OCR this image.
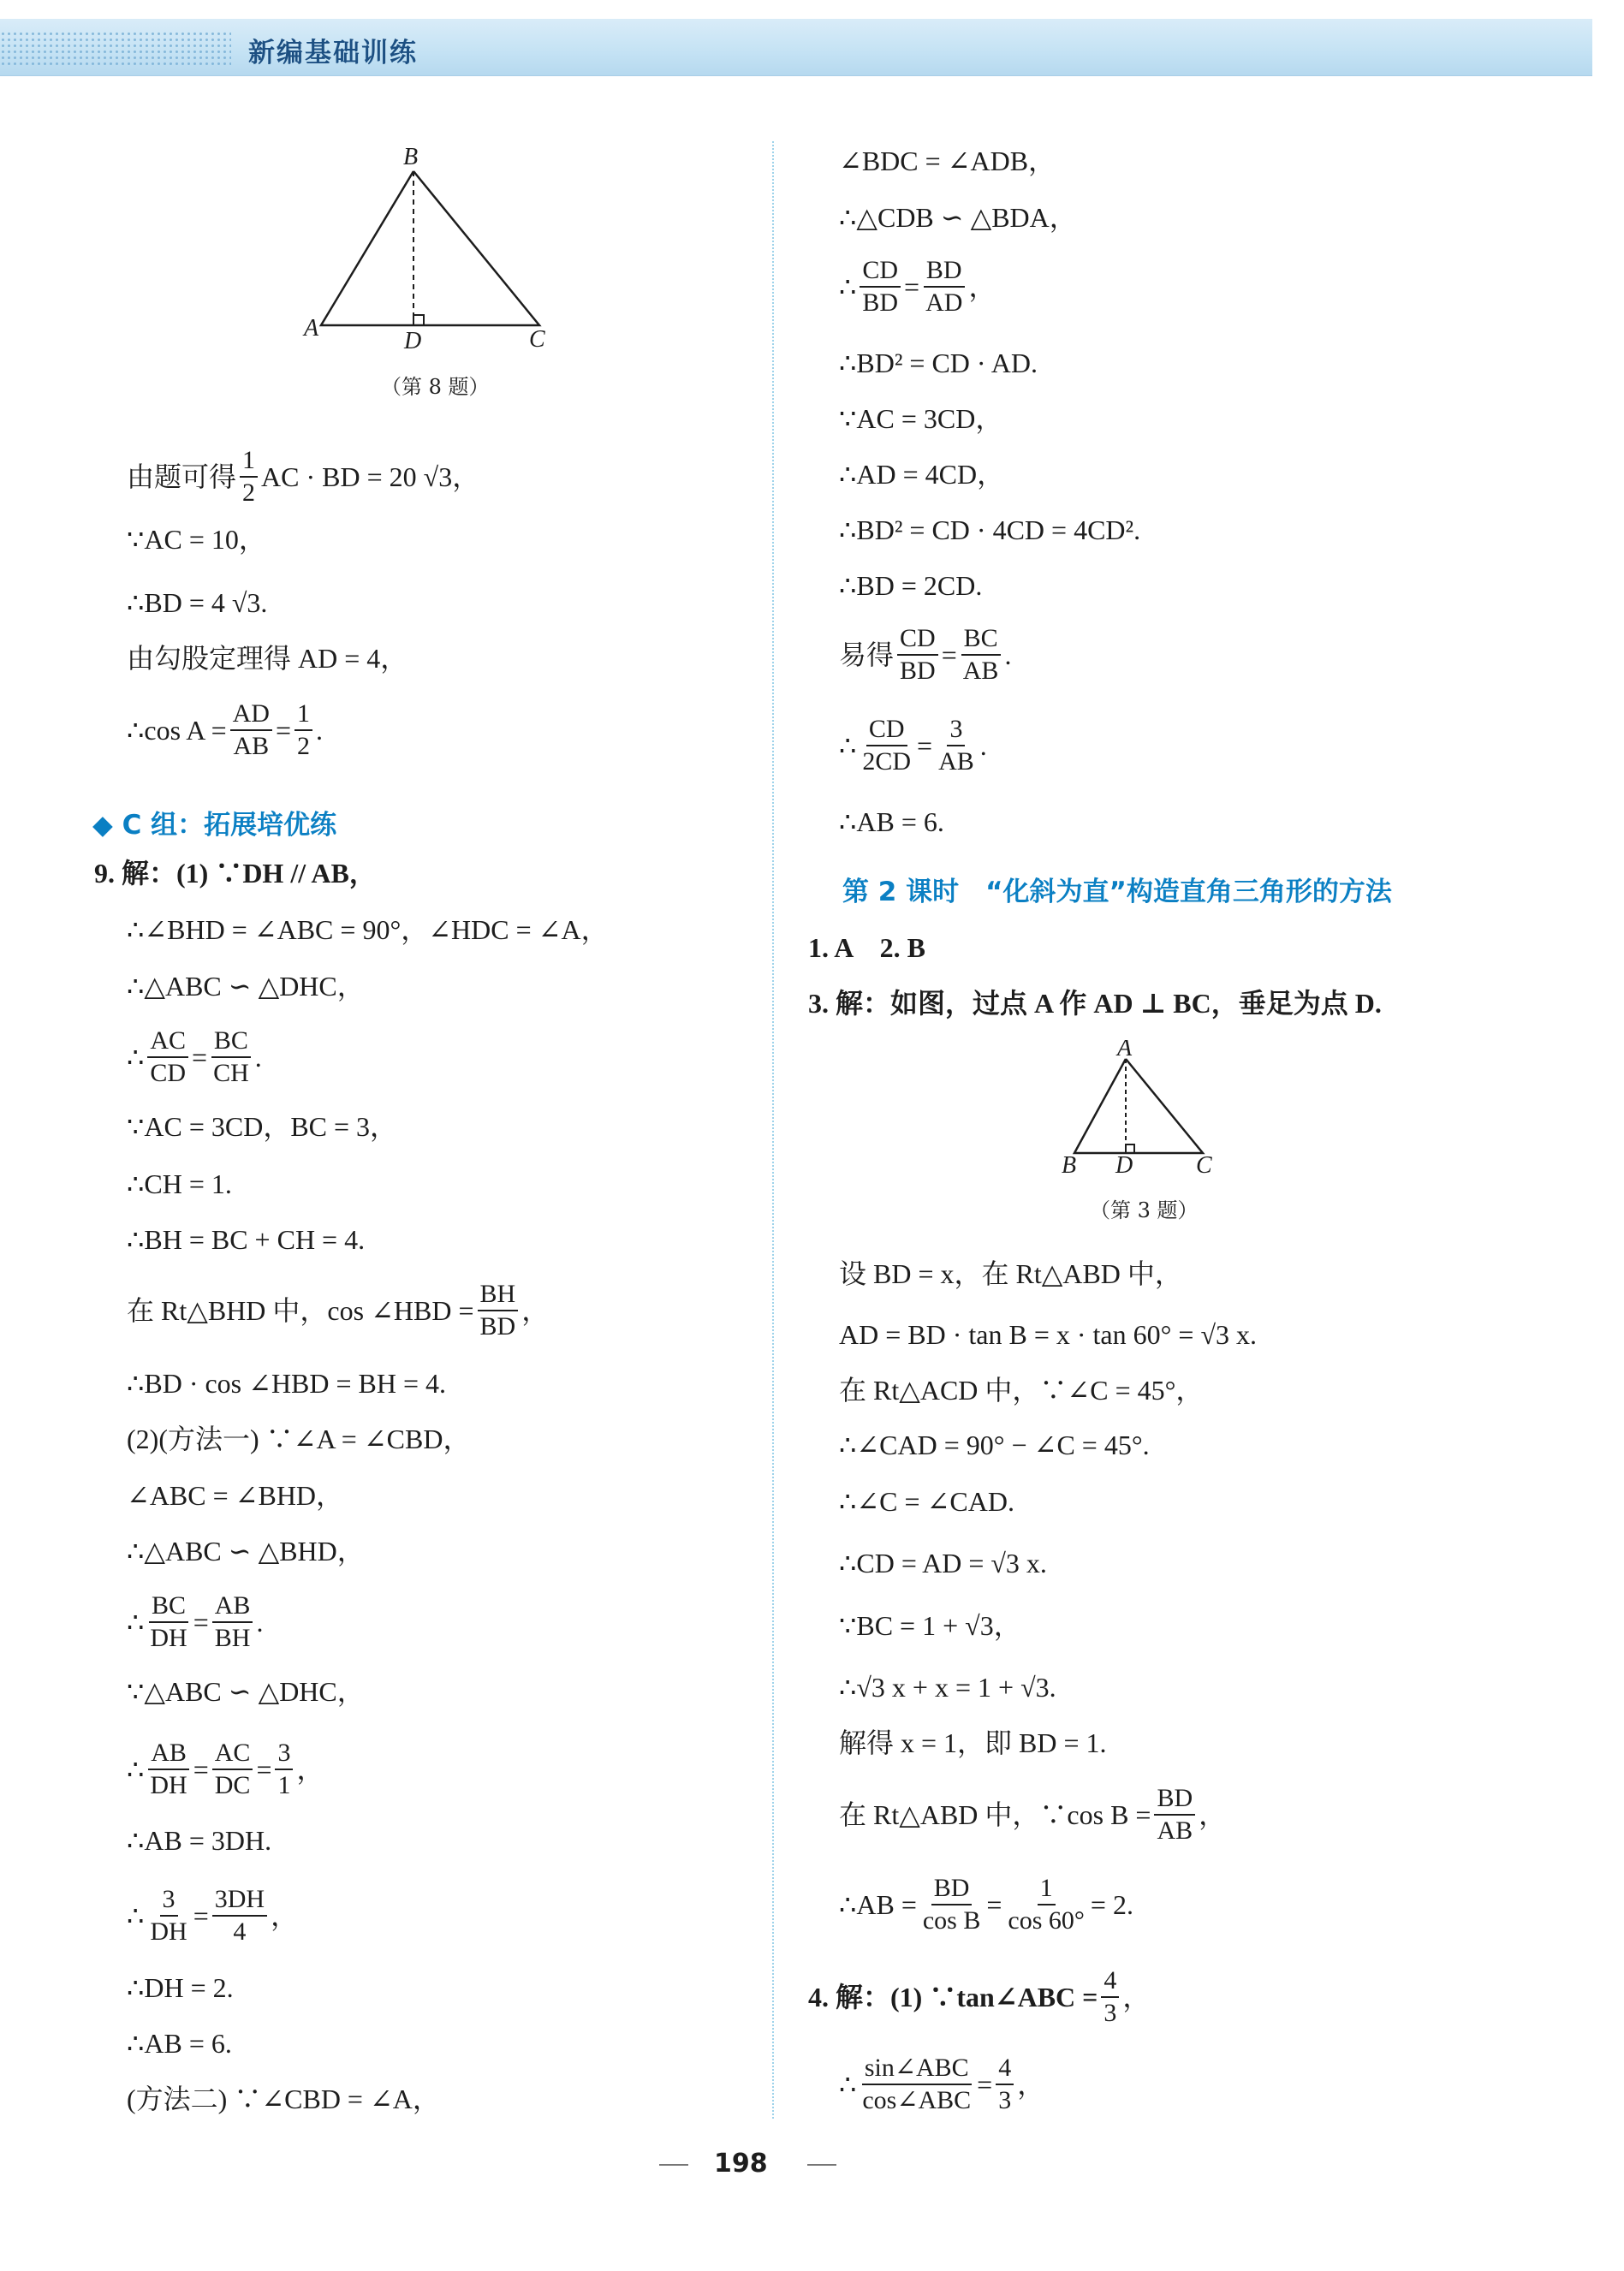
新编基础训练
B
A	D	C
（第 8 题）
由题可得 $\frac{1}{2}$ AC · BD = 20 √3，
∵AC = 10，
∴BD = 4 √3.
由勾股定理得 AD = 4，
∴cos $A = \frac{AD}{AB} = \frac{1}{2}$ .
◆ C 组：拓展培优练
9. 解：(1) ∵DH // AB，
∴∠BHD = ∠ABC = 90°，∠HDC = ∠A，
∴△ABC ∽ △DHC，
∴ $\frac{AC}{CD} = \frac{BC}{CH}$ .
∵AC = 3CD，BC = 3，
∴CH = 1.
∴BH = BC + CH = 4.
在 Rt△BHD 中，cos ∠HBD = $\frac{BH}{BD}$ ，
∴BD · cos ∠HBD = BH = 4.
(2)(方法一) ∵∠A = ∠CBD，
∠ABC = ∠BHD，
∴△ABC ∽ △BHD，
∴ $\frac{BC}{DH} = \frac{AB}{BH}$ .
∵△ABC ∽ △DHC，
∴ $\frac{AB}{DH} = \frac{AC}{DC} = \frac{3}{1}$ ，
∴AB = 3DH.
∴ $\frac{3}{DH} = \frac{3DH}{4}$ ，
∴DH = 2.
∴AB = 6.
(方法二) ∵∠CBD = ∠A，
∠BDC = ∠ADB，
∴△CDB ∽ △BDA，
∴ $\frac{CD}{BD} = \frac{BD}{AD}$ ，
∴BD² = CD · AD.
∵AC = 3CD，
∴AD = 4CD，
∴BD² = CD · 4CD = 4CD².
∴BD = 2CD.
易得 $\frac{CD}{BD} = \frac{BC}{AB}$ .
∴ $\frac{CD}{2CD} = \frac{3}{AB}$ .
∴AB = 6.
第 2 课时　“化斜为直”构造直角三角形的方法
1. A　2. B
3. 解：如图，过点 A 作 AD ⊥ BC，垂足为点 D.
A
B D	C
（第 3 题）
设 BD = x，在 Rt△ABD 中，
AD = BD · tan B = x · tan 60° = √3 x.
在 Rt△ACD 中，∵∠C = 45°，
∴∠CAD = 90° − ∠C = 45°.
∴∠C = ∠CAD.
∴CD = AD = √3 x.
∵BC = 1 + √3，
∴√3 x + x = 1 + √3.
解得 x = 1，即 BD = 1.
在 Rt△ABD 中，∵cos $B = \frac{BD}{AB}$ ，
∴AB = $\frac{BD}{\text{cos B}} = \frac{1}{\cos 60^\circ} = 2$.
4. 解：(1) ∵tan∠ABC = $\frac{4}{3}$ ，
∴ $\frac{\text{sin∠ABC}}{\text{cos∠ABC}} = \frac{4}{3}$ ，
198
